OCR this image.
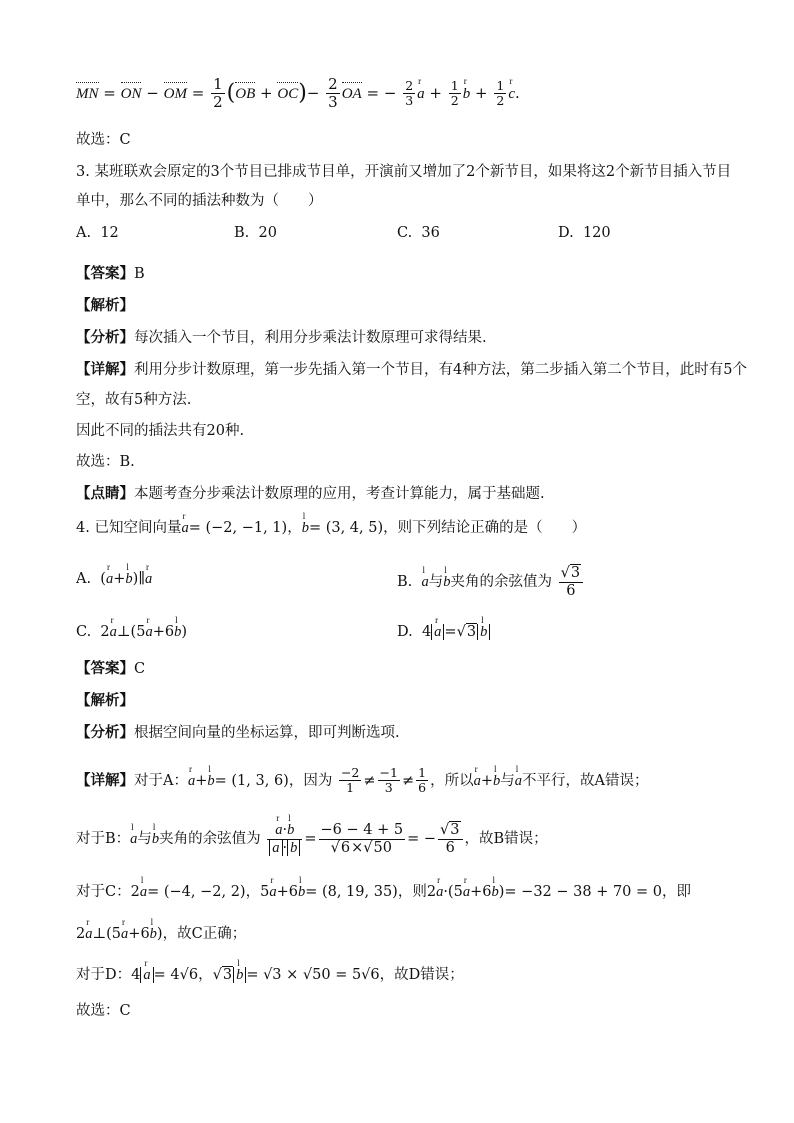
MN = ON − OM = $\frac{1}{2} (OB + OC)- \frac{2}{3}$ OA = − $\frac{2}{3}$ r $a + \frac{1}{2}$ r $b + \frac{1}{2}$ r c.
故选：C
3. 某班联欢会原定的3个节目已排成节目单，开演前又增加了2个新节目，如果将这2个新节目插入节目
单中，那么不同的插法种数为（　　）
A. 12	B. 20	C. 36	D. 120
【答案】B
【解析】
【分析】每次插入一个节目，利用分步乘法计数原理可求得结果.
【详解】利用分步计数原理，第一步先插入第一个节目，有4种方法，第二步插入第二个节目，此时有5个
空，故有5种方法.
因此不同的插法共有20种.
故选：B.
【点睛】本题考查分步乘法计数原理的应用，考查计算能力，属于基础题.
4. 已知空间向量r a= (−2, −1, 1)，l b= (3, 4, 5)，则下列结论正确的是（　　）
A.  (r a+l b)∥r a	B. l a与l b夹角的余弦值为 $\frac{√3}{6}$
C. 2r a⊥(5r a+6l b)	D. 4 r a =√3 l b
【答案】C
【解析】
【分析】根据空间向量的坐标运算，即可判断选项.
【详解】对于A：r a+l b= (1, 3, 6)，因为 $\frac{-2}{1} \ne \frac{-1}{3} \ne \frac{1}{6}$ ，所以r a+l b与l a不平行，故A错误；
对于B：l a与l b夹角的余弦值为 r $\frac{\text{a·l b}}{a \cdot b} = \frac{-6 - 4 + 5}{√6\times√50}$ = − $\frac{√3}{6}$ ，故B错误；
对于C：2l a= (−4, −2, 2)，5r a+6l b= (8, 19, 35)，则2r a·(5r a+6l b)= −32 − 38 + 70 = 0，即
2r a⊥(5r a+6l b)，故C正确；
对于D：4 r a = 4√6，√3 l b = √3 × √50 = 5√6，故D错误；
故选：C
